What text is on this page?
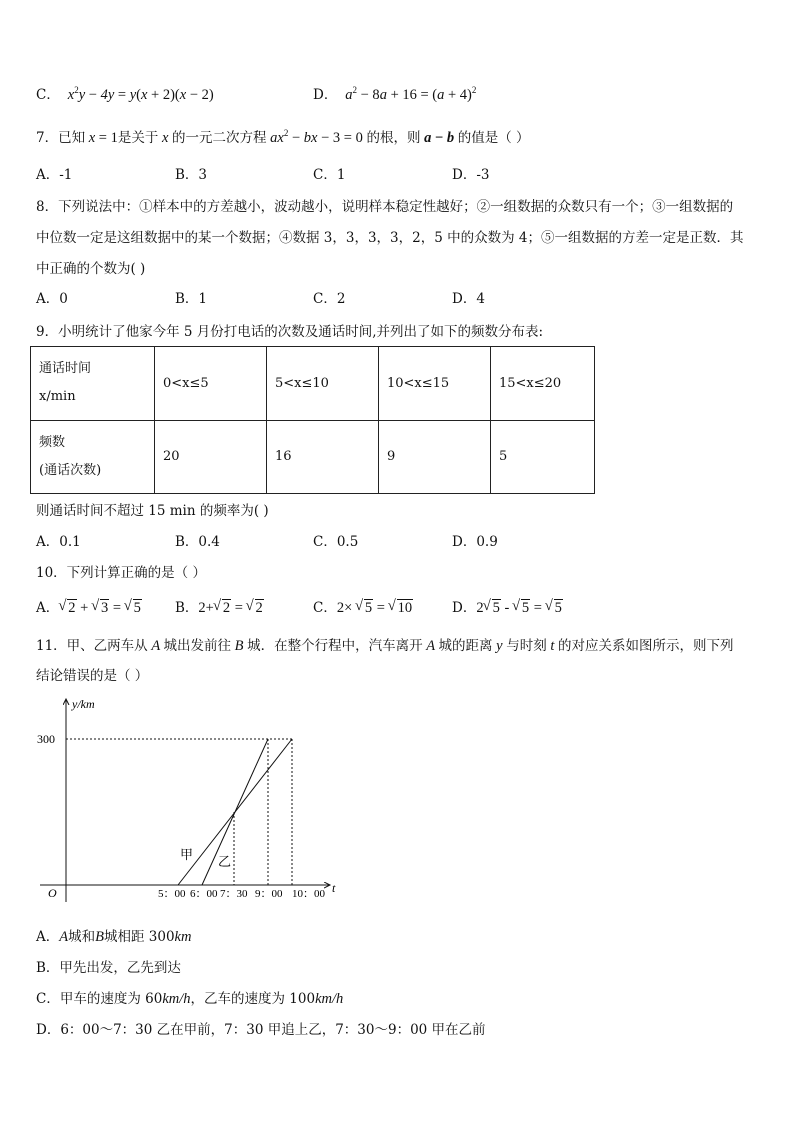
C．  $x^2y - 4y = y(x + 2)(x - 2)$	D．  $a^2 - 8a + 16 = (a + 4)^2$
7．已知 x = 1是关于 x 的一元二次方程 $ax^2$ − bx − 3 = 0 的根，则 a − b 的值是（ ）
A．-1	B．3	C．1	D．-3
8．下列说法中：①样本中的方差越小，波动越小，说明样本稳定性越好；②一组数据的众数只有一个；③一组数据的
中位数一定是这组数据中的某一个数据；④数据 3，3，3，3，2，5 中的众数为 4；⑤一组数据的方差一定是正数．其
中正确的个数为( )
A．0	B．1	C．2	D．4
9．小明统计了他家今年 5 月份打电话的次数及通话时间,并列出了如下的频数分布表:
通话时间
x/min	0<x≤5	5<x≤10	10<x≤15	15<x≤20

频数
(通话次数)	20	16	9	5
则通话时间不超过 15 min 的频率为( )
A．0.1	B．0.4	C．0.5	D．0.9
10．下列计算正确的是（ ）
A． √ 2 + √ 3 = √ 5	B．2+ √ 2 = √ 2	C．2× √ 5 = √ 10	D．2 √ 5 - √ 5 = √ 5
11．甲、乙两车从 A 城出发前往 B 城．在整个行程中，汽车离开 A 城的距离 y 与时刻 t 的对应关系如图所示，则下列
结论错误的是（ ）
y/km
t
O
300
5：00 6：00 7：30 9：00 10：00
甲 乙
A．A城和B城相距 300km
B．甲先出发，乙先到达
C．甲车的速度为 60km/h，乙车的速度为 100km/h
D．6：00～7：30 乙在甲前，7：30 甲追上乙，7：30～9：00 甲在乙前
